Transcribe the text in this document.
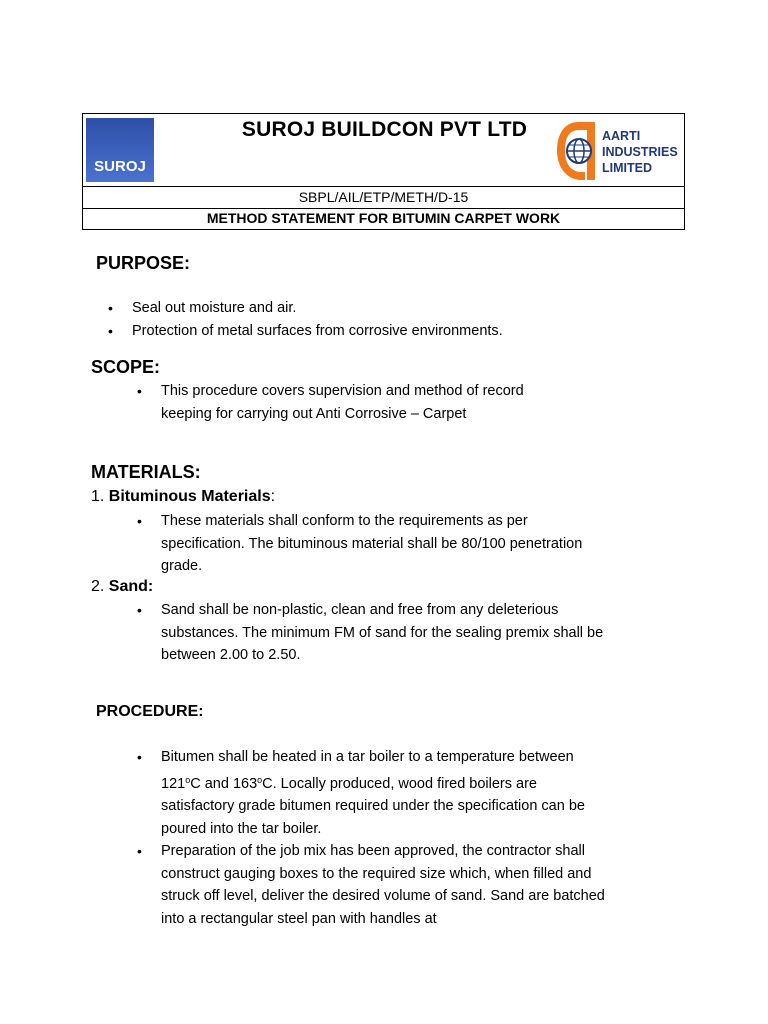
SUROJ
SUROJ BUILDCON PVT LTD	AARTI
INDUSTRIES
LIMITED
SBPL/AIL/ETP/METH/D-15
METHOD STATEMENT FOR BITUMIN CARPET WORK
PURPOSE:
• Seal out moisture and air.
• Protection of metal surfaces from corrosive environments.
SCOPE:
• This procedure covers supervision and method of record keeping for carrying out Anti Corrosive – Carpet
MATERIALS:
1. Bituminous Materials:
• These materials shall conform to the requirements as per specification. The bituminous material shall be 80/100 penetration grade.
2. Sand:
• Sand shall be non-plastic, clean and free from any deleterious substances. The minimum FM of sand for the sealing premix shall be between 2.00 to 2.50.
PROCEDURE:
• Bitumen shall be heated in a tar boiler to a temperature between 121$^o$C and 163$^o$C. Locally produced, wood fired boilers are satisfactory grade bitumen required under the specification can be poured into the tar boiler.
• Preparation of the job mix has been approved, the contractor shall construct gauging boxes to the required size which, when filled and struck off level, deliver the desired volume of sand. Sand are batched into a rectangular steel pan with handles at
